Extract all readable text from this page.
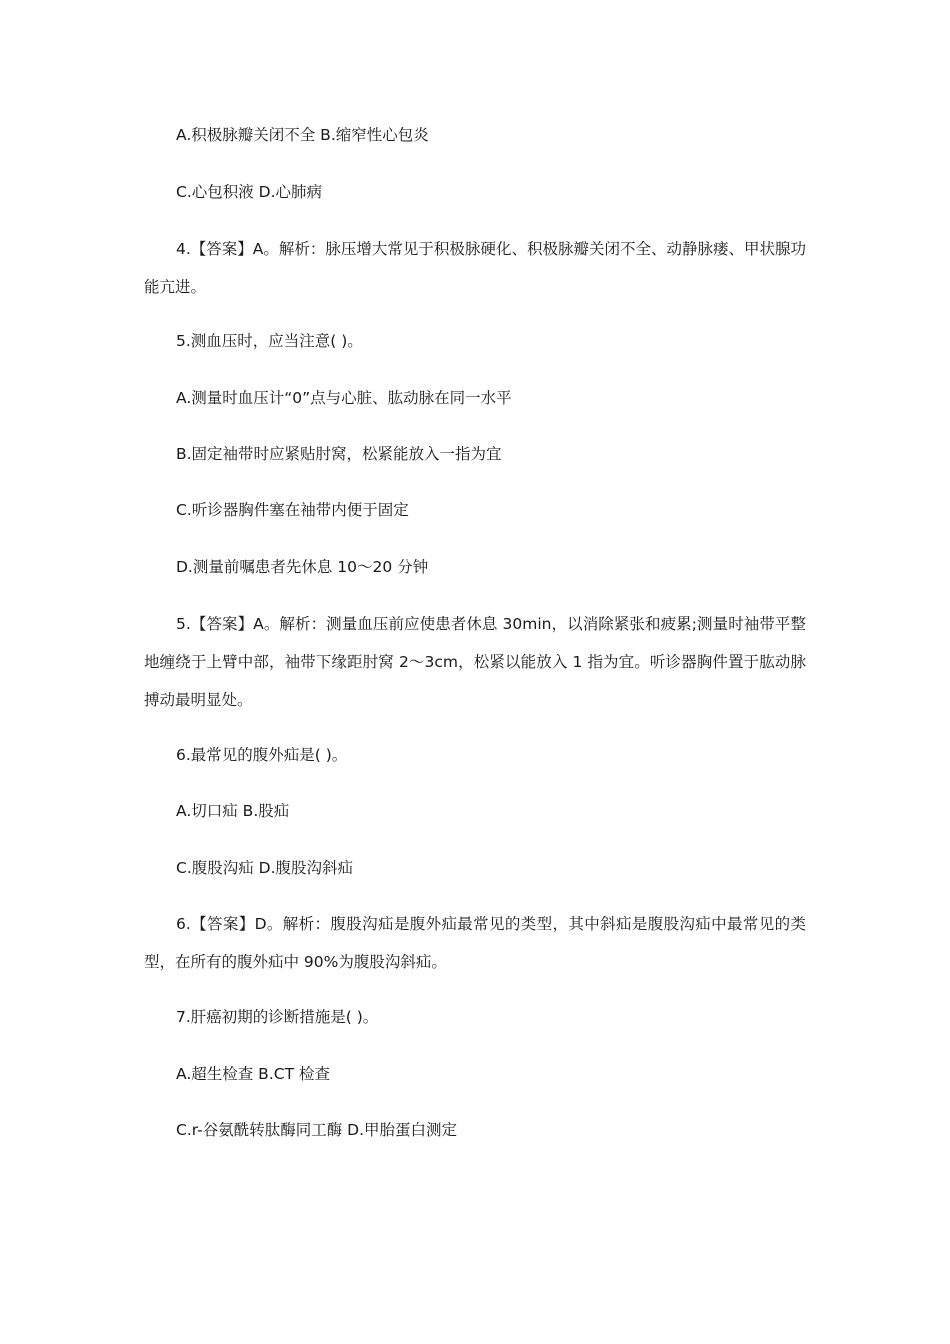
A.积极脉瓣关闭不全 B.缩窄性心包炎

C.心包积液 D.心肺病

4.【答案】A。解析：脉压增大常见于积极脉硬化、积极脉瓣关闭不全、动静脉瘘、甲状腺功能亢进。

5.测血压时，应当注意( )。

A.测量时血压计“0”点与心脏、肱动脉在同一水平

B.固定袖带时应紧贴肘窝，松紧能放入一指为宜

C.听诊器胸件塞在袖带内便于固定

D.测量前嘱患者先休息 10～20 分钟

5.【答案】A。解析：测量血压前应使患者休息 30min，以消除紧张和疲累;测量时袖带平整地缠绕于上臂中部，袖带下缘距肘窝 2～3cm，松紧以能放入 1 指为宜。听诊器胸件置于肱动脉搏动最明显处。

6.最常见的腹外疝是( )。

A.切口疝 B.股疝

C.腹股沟疝 D.腹股沟斜疝

6.【答案】D。解析：腹股沟疝是腹外疝最常见的类型，其中斜疝是腹股沟疝中最常见的类型，在所有的腹外疝中 90%为腹股沟斜疝。

7.肝癌初期的诊断措施是( )。

A.超生检查 B.CT 检查

C.r-谷氨酰转肽酶同工酶 D.甲胎蛋白测定
